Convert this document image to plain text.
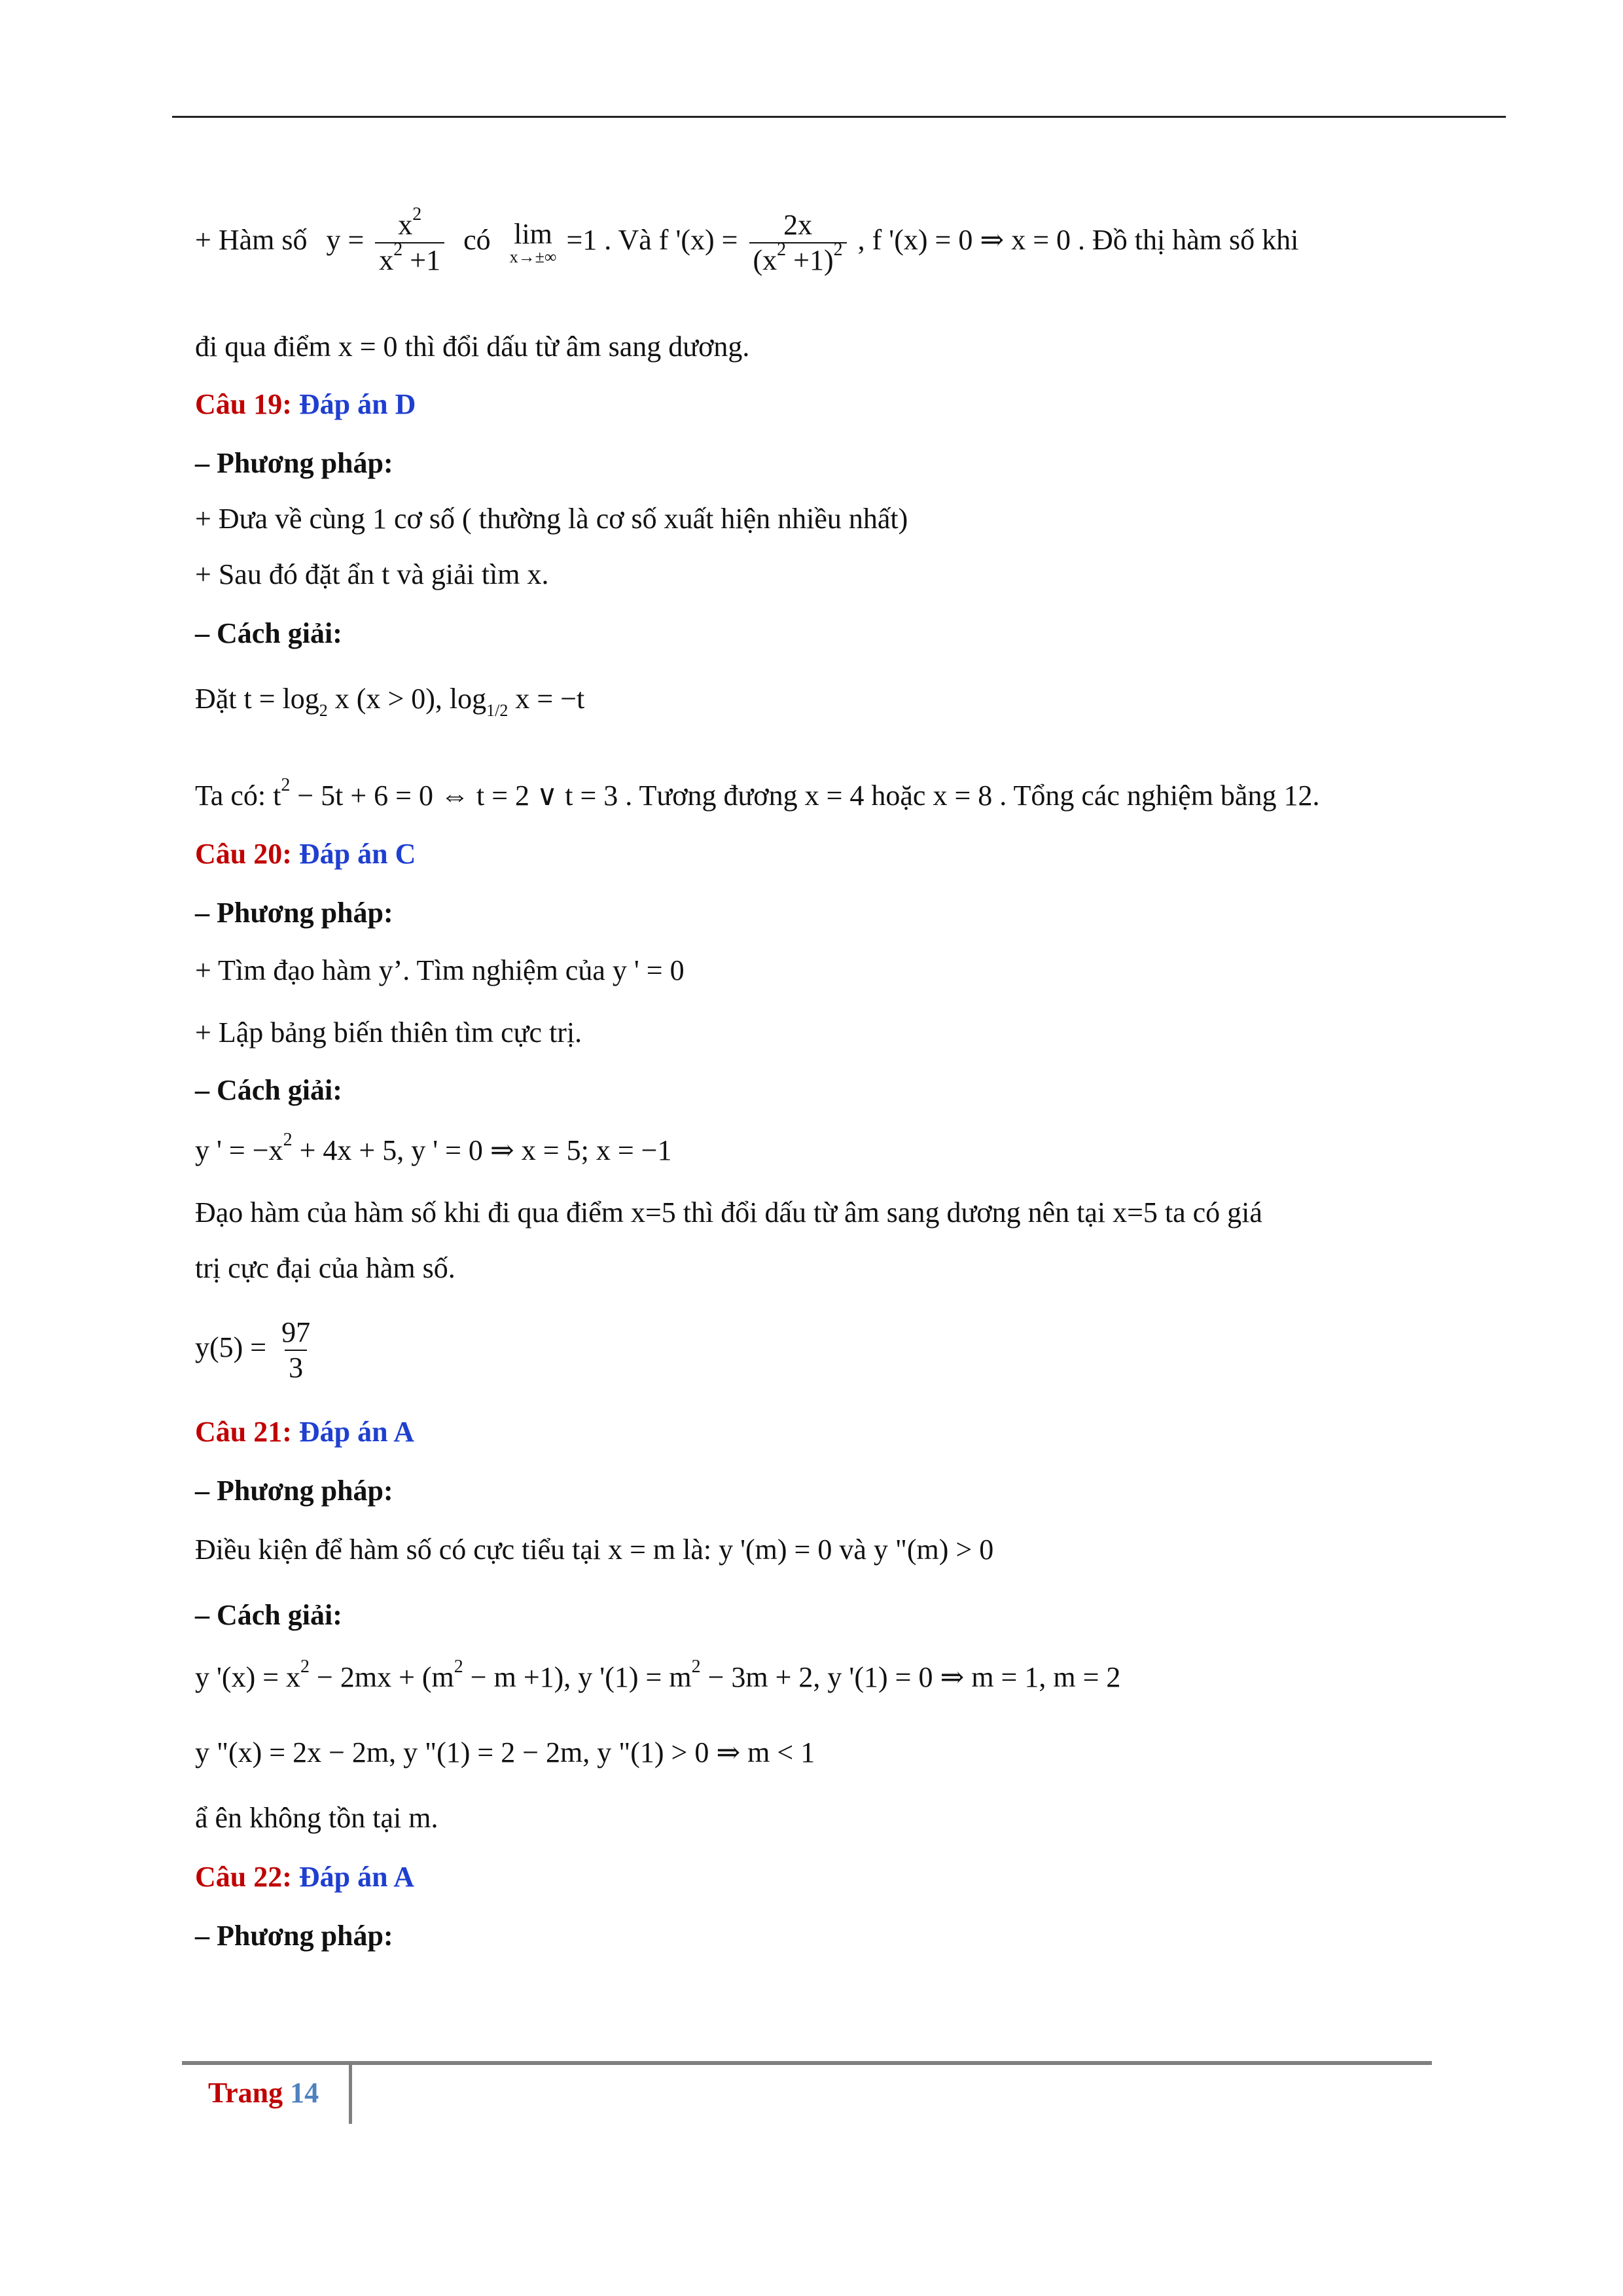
+ Hàm số $y = \frac{x^2}{x^2 +1}$ có lim
x→±∞
=1 . Và f '$(x) = \frac{2x}{(x^2 +1)^2}$ , f '(x) = 0 ⇒ x = 0 . Đồ thị hàm số khi
đi qua điểm x = 0 thì đổi dấu từ âm sang dương.
Câu 19: Đáp án D
– Phương pháp:
+ Đưa về cùng 1 cơ số ( thường là cơ số xuất hiện nhiều nhất)
+ Sau đó đặt ẩn t và giải tìm x.
– Cách giải:
Đặt $t = \log_2 x$ (x > 0), $\log_{1/2} x = -t$
Ta có: $t^2 - 5t + 6 = 0$ ⇔ t = 2 ∨ t = 3 . Tương đương x = 4 hoặc x = 8 . Tổng các nghiệm bằng 12.
Câu 20: Đáp án C
– Phương pháp:
+ Tìm đạo hàm y’. Tìm nghiệm của y ' = 0
+ Lập bảng biến thiên tìm cực trị.
– Cách giải:
y ' = $-x^2 + 4x + 5$, y ' = 0 ⇒ x = 5; x = −1
Đạo hàm của hàm số khi đi qua điểm x=5 thì đổi dấu từ âm sang dương nên tại x=5 ta có giá
trị cực đại của hàm số.
$y(5) = \frac{97}{3}$
Câu 21: Đáp án A
– Phương pháp:
Điều kiện để hàm số có cực tiểu tại x = m là: y '(m) = 0 và y "(m) > 0
– Cách giải:
y '$(x) = x^2 - 2mx + (m^2 - m +1)$, y '$(1) = m^2 - 3m + 2$, y '(1) = 0 ⇒ m = 1, m = 2
y "(x) = 2x − 2m, y "(1) = 2 − 2m, y "(1) > 0 ⇒ m < 1
ẩ ên không tồn tại m.
Câu 22: Đáp án A
– Phương pháp:
Trang 14
